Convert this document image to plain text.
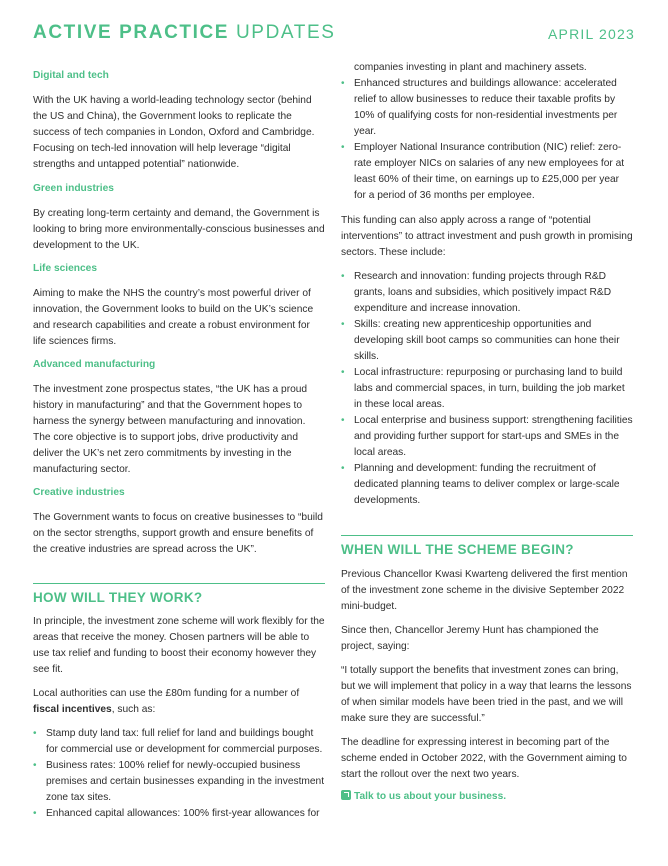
ACTIVE PRACTICE UPDATES	APRIL 2023
Digital and tech
With the UK having a world-leading technology sector (behind the US and China), the Government looks to replicate the success of tech companies in London, Oxford and Cambridge. Focusing on tech-led innovation will help leverage “digital strengths and untapped potential” nationwide.
Green industries
By creating long-term certainty and demand, the Government is looking to bring more environmentally-conscious businesses and development to the UK.
Life sciences
Aiming to make the NHS the country’s most powerful driver of innovation, the Government looks to build on the UK’s science and research capabilities and create a robust environment for life sciences firms.
Advanced manufacturing
The investment zone prospectus states, “the UK has a proud history in manufacturing” and that the Government hopes to harness the synergy between manufacturing and innovation. The core objective is to support jobs, drive productivity and deliver the UK’s net zero commitments by investing in the manufacturing sector.
Creative industries
The Government wants to focus on creative businesses to “build on the sector strengths, support growth and ensure benefits of the creative industries are spread across the UK”.
HOW WILL THEY WORK?
In principle, the investment zone scheme will work flexibly for the areas that receive the money. Chosen partners will be able to use tax relief and funding to boost their economy however they see fit.
Local authorities can use the £80m funding for a number of fiscal incentives, such as:
• Stamp duty land tax: full relief for land and buildings bought for commercial use or development for commercial purposes.
• Business rates: 100% relief for newly-occupied business premises and certain businesses expanding in the investment zone tax sites.
• Enhanced capital allowances: 100% first-year allowances for
companies investing in plant and machinery assets.
• Enhanced structures and buildings allowance: accelerated relief to allow businesses to reduce their taxable profits by 10% of qualifying costs for non-residential investments per year.
• Employer National Insurance contribution (NIC) relief: zero-rate employer NICs on salaries of any new employees for at least 60% of their time, on earnings up to £25,000 per year for a period of 36 months per employee.
This funding can also apply across a range of “potential interventions” to attract investment and push growth in promising sectors. These include:
• Research and innovation: funding projects through R&D grants, loans and subsidies, which positively impact R&D expenditure and increase innovation.
• Skills: creating new apprenticeship opportunities and developing skill boot camps so communities can hone their skills.
• Local infrastructure: repurposing or purchasing land to build labs and commercial spaces, in turn, building the job market in these local areas.
• Local enterprise and business support: strengthening facilities and providing further support for start-ups and SMEs in the local areas.
• Planning and development: funding the recruitment of dedicated planning teams to deliver complex or large-scale developments.
WHEN WILL THE SCHEME BEGIN?
Previous Chancellor Kwasi Kwarteng delivered the first mention of the investment zone scheme in the divisive September 2022 mini-budget.
Since then, Chancellor Jeremy Hunt has championed the project, saying:
“I totally support the benefits that investment zones can bring, but we will implement that policy in a way that learns the lessons of when similar models have been tried in the past, and we will make sure they are successful.”
The deadline for expressing interest in becoming part of the scheme ended in October 2022, with the Government aiming to start the rollout over the next two years.
Talk to us about your business.
